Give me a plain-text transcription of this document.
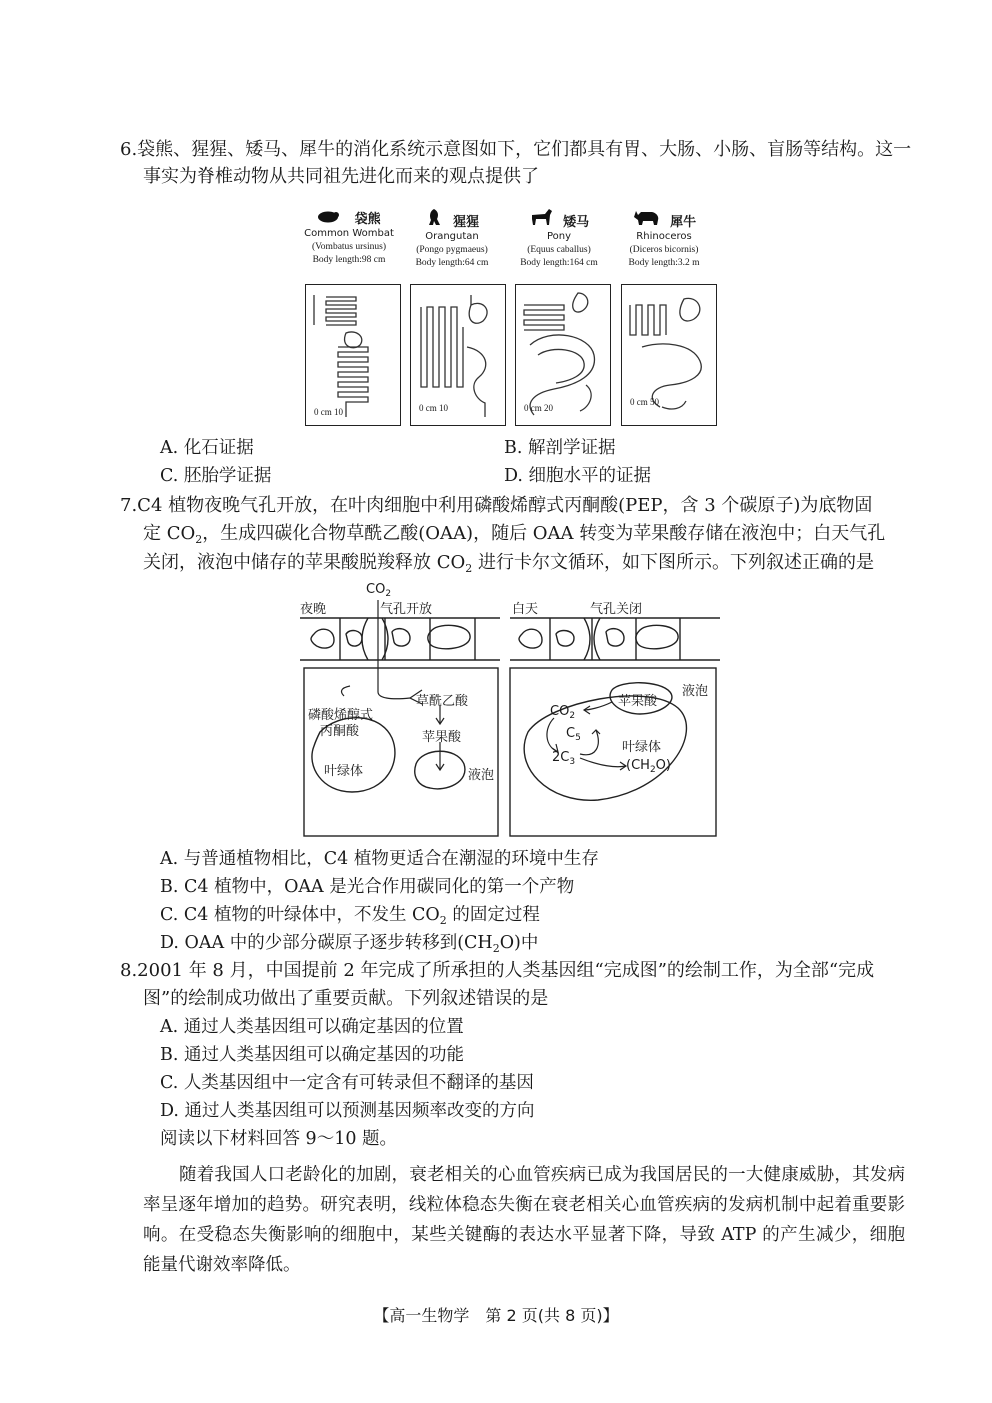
6.袋熊、猩猩、矮马、犀牛的消化系统示意图如下，它们都具有胃、大肠、小肠、盲肠等结构。这一
事实为脊椎动物从共同祖先进化而来的观点提供了
袋熊
Common Wombat
(Vombatus ursinus)
Body length:98 cm
猩猩
Orangutan
(Pongo pygmaeus)
Body length:64 cm
矮马
Pony
(Equus caballus)
Body length:164 cm
犀牛
Rhinoceros
(Diceros bicornis)
Body length:3.2 m
0 cm 10	0 cm 10	0 cm 20
0 cm 50
A. 化石证据	B. 解剖学证据
C. 胚胎学证据	D. 细胞水平的证据
7.C4 植物夜晚气孔开放，在叶肉细胞中利用磷酸烯醇式丙酮酸(PEP，含 3 个碳原子)为底物固
定 $CO_2$，生成四碳化合物草酰乙酸(OAA)，随后 OAA 转变为苹果酸存储在液泡中；白天气孔
关闭，液泡中储存的苹果酸脱羧释放 $CO_2$ 进行卡尔文循环，如下图所示。下列叙述正确的是
夜晚
$CO_2$
气孔开放	白天	气孔关闭
磷酸烯醇式
丙酮酸
草酰乙酸
苹果酸
叶绿体	液泡
苹果酸
液泡
$CO_2$
$C_5$
叶绿体
$2C_3$	$(CH_2O)$
A. 与普通植物相比，C4 植物更适合在潮湿的环境中生存
B. C4 植物中，OAA 是光合作用碳同化的第一个产物
C. C4 植物的叶绿体中，不发生 $CO_2$ 的固定过程
D. OAA 中的少部分碳原子逐步转移到$(CH_2O)$中
8.2001 年 8 月，中国提前 2 年完成了所承担的人类基因组“完成图”的绘制工作，为全部“完成
图”的绘制成功做出了重要贡献。下列叙述错误的是
A. 通过人类基因组可以确定基因的位置
B. 通过人类基因组可以确定基因的功能
C. 人类基因组中一定含有可转录但不翻译的基因
D. 通过人类基因组可以预测基因频率改变的方向
阅读以下材料回答 9～10 题。
随着我国人口老龄化的加剧，衰老相关的心血管疾病已成为我国居民的一大健康威胁，其发病率呈逐年增加的趋势。研究表明，线粒体稳态失衡在衰老相关心血管疾病的发病机制中起着重要影响。在受稳态失衡影响的细胞中，某些关键酶的表达水平显著下降，导致 ATP 的产生减少，细胞能量代谢效率降低。
【高一生物学　第 2 页(共 8 页)】
